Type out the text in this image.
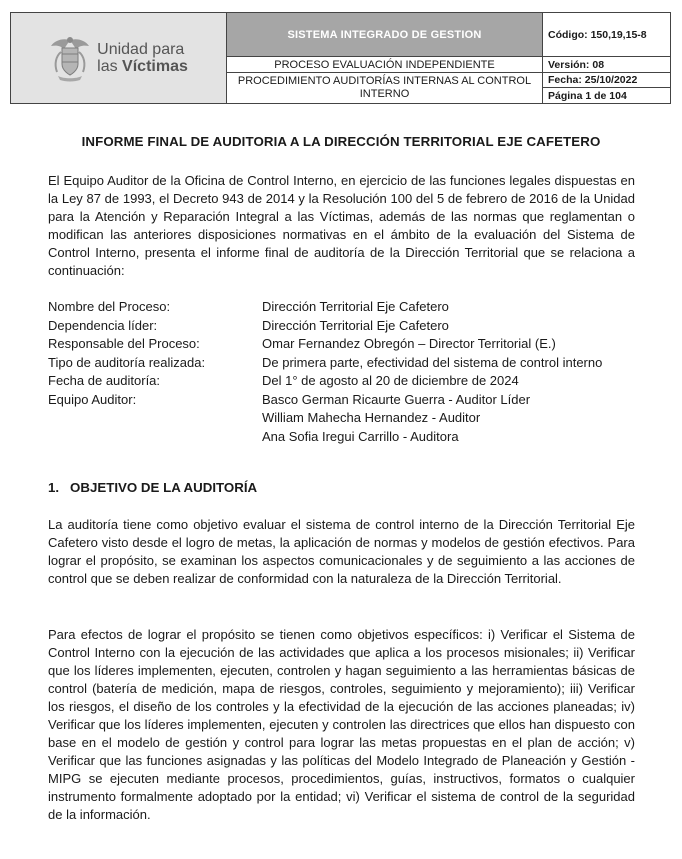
Unidad para
las Víctimas
SISTEMA INTEGRADO DE GESTION
PROCESO EVALUACIÓN INDEPENDIENTE
PROCEDIMIENTO AUDITORÍAS INTERNAS AL CONTROL INTERNO
Código: 150,19,15-8
Versión: 08
Fecha: 25/10/2022
Página 1 de 104
INFORME FINAL DE AUDITORIA A LA DIRECCIÓN TERRITORIAL EJE CAFETERO
El Equipo Auditor de la Oficina de Control Interno, en ejercicio de las funciones legales dispuestas en la Ley 87 de 1993, el Decreto 943 de 2014 y la Resolución 100 del 5 de febrero de 2016 de la Unidad para la Atención y Reparación Integral a las Víctimas, además de las normas que reglamentan o modifican las anteriores disposiciones normativas en el ámbito de la evaluación del Sistema de Control Interno, presenta el informe final de auditoría de la Dirección Territorial que se relaciona a continuación:
Nombre del Proceso:	Dirección Territorial Eje Cafetero
Dependencia líder:	Dirección Territorial Eje Cafetero
Responsable del Proceso:	Omar Fernandez Obregón – Director Territorial (E.)
Tipo de auditoría realizada:	De primera parte, efectividad del sistema de control interno
Fecha de auditoría:	Del 1° de agosto al 20 de diciembre de 2024
Equipo Auditor:	Basco German Ricaurte Guerra - Auditor Líder
William Mahecha Hernandez - Auditor
Ana Sofia Iregui Carrillo - Auditora
1. OBJETIVO DE LA AUDITORÍA
La auditoría tiene como objetivo evaluar el sistema de control interno de la Dirección Territorial Eje Cafetero visto desde el logro de metas, la aplicación de normas y modelos de gestión efectivos. Para lograr el propósito, se examinan los aspectos comunicacionales y de seguimiento a las acciones de control que se deben realizar de conformidad con la naturaleza de la Dirección Territorial.
Para efectos de lograr el propósito se tienen como objetivos específicos: i) Verificar el Sistema de Control Interno con la ejecución de las actividades que aplica a los procesos misionales; ii) Verificar que los líderes implementen, ejecuten, controlen y hagan seguimiento a las herramientas básicas de control (batería de medición, mapa de riesgos, controles, seguimiento y mejoramiento); iii) Verificar los riesgos, el diseño de los controles y la efectividad de la ejecución de las acciones planeadas; iv) Verificar que los líderes implementen, ejecuten y controlen las directrices que ellos han dispuesto con base en el modelo de gestión y control para lograr las metas propuestas en el plan de acción; v) Verificar que las funciones asignadas y las políticas del Modelo Integrado de Planeación y Gestión - MIPG se ejecuten mediante procesos, procedimientos, guías, instructivos, formatos o cualquier instrumento formalmente adoptado por la entidad; vi) Verificar el sistema de control de la seguridad de la información.
